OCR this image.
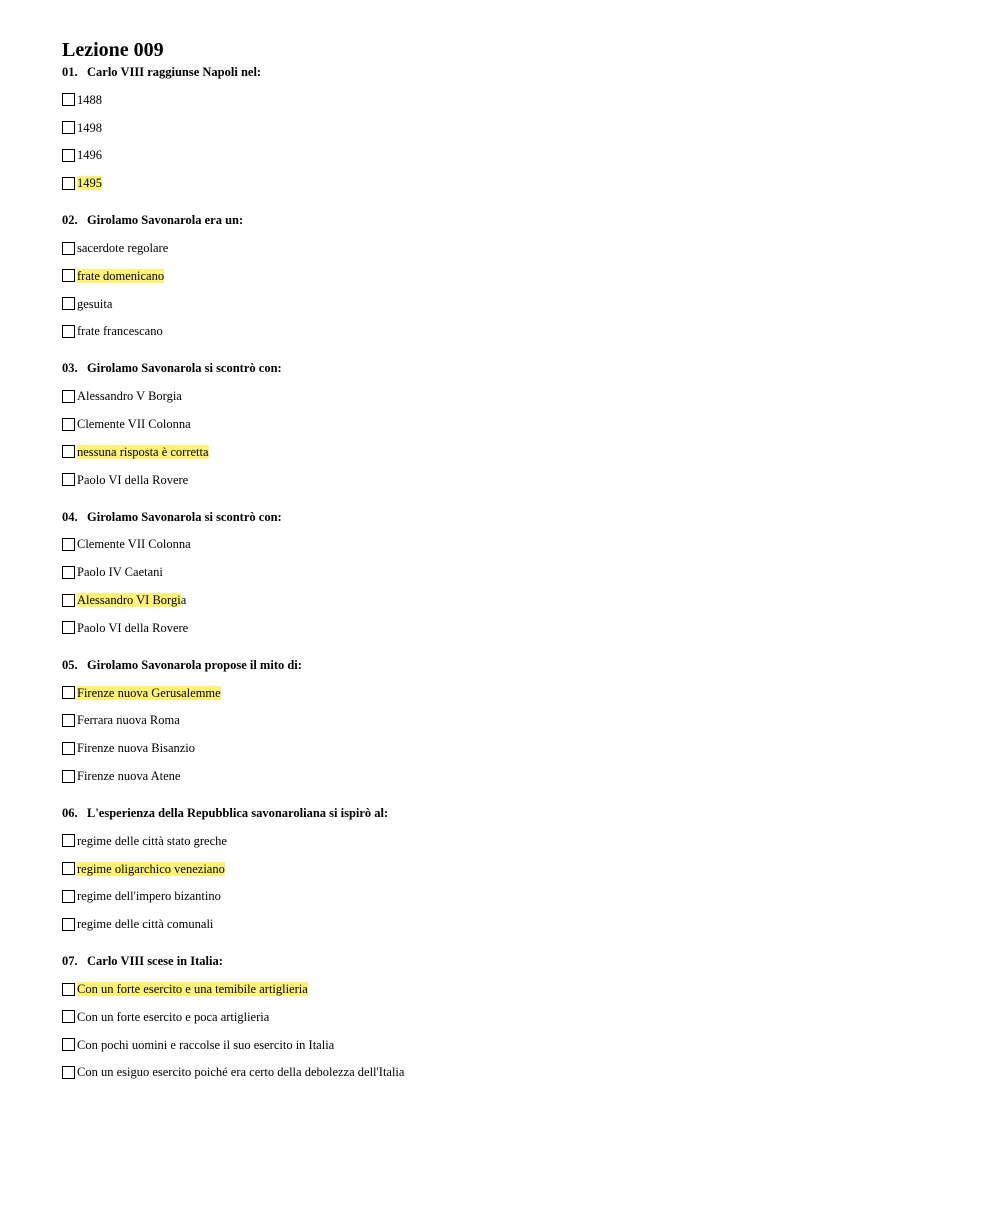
Lezione 009
01. Carlo VIII raggiunse Napoli nel:
1488
1498
1496
1495
02. Girolamo Savonarola era un:
sacerdote regolare
frate domenicano
gesuita
frate francescano
03. Girolamo Savonarola si scontrò con:
Alessandro V Borgia
Clemente VII Colonna
nessuna risposta è corretta
Paolo VI della Rovere
04. Girolamo Savonarola si scontrò con:
Clemente VII Colonna
Paolo IV Caetani
Alessandro VI Borgia
Paolo VI della Rovere
05. Girolamo Savonarola propose il mito di:
Firenze nuova Gerusalemme
Ferrara nuova Roma
Firenze nuova Bisanzio
Firenze nuova Atene
06. L'esperienza della Repubblica savonaroliana si ispirò al:
regime delle città stato greche
regime oligarchico veneziano
regime dell'impero bizantino
regime delle città comunali
07. Carlo VIII scese in Italia:
Con un forte esercito e una temibile artiglieria
Con un forte esercito e poca artiglieria
Con pochi uomini e raccolse il suo esercito in Italia
Con un esiguo esercito poiché era certo della debolezza dell'Italia
